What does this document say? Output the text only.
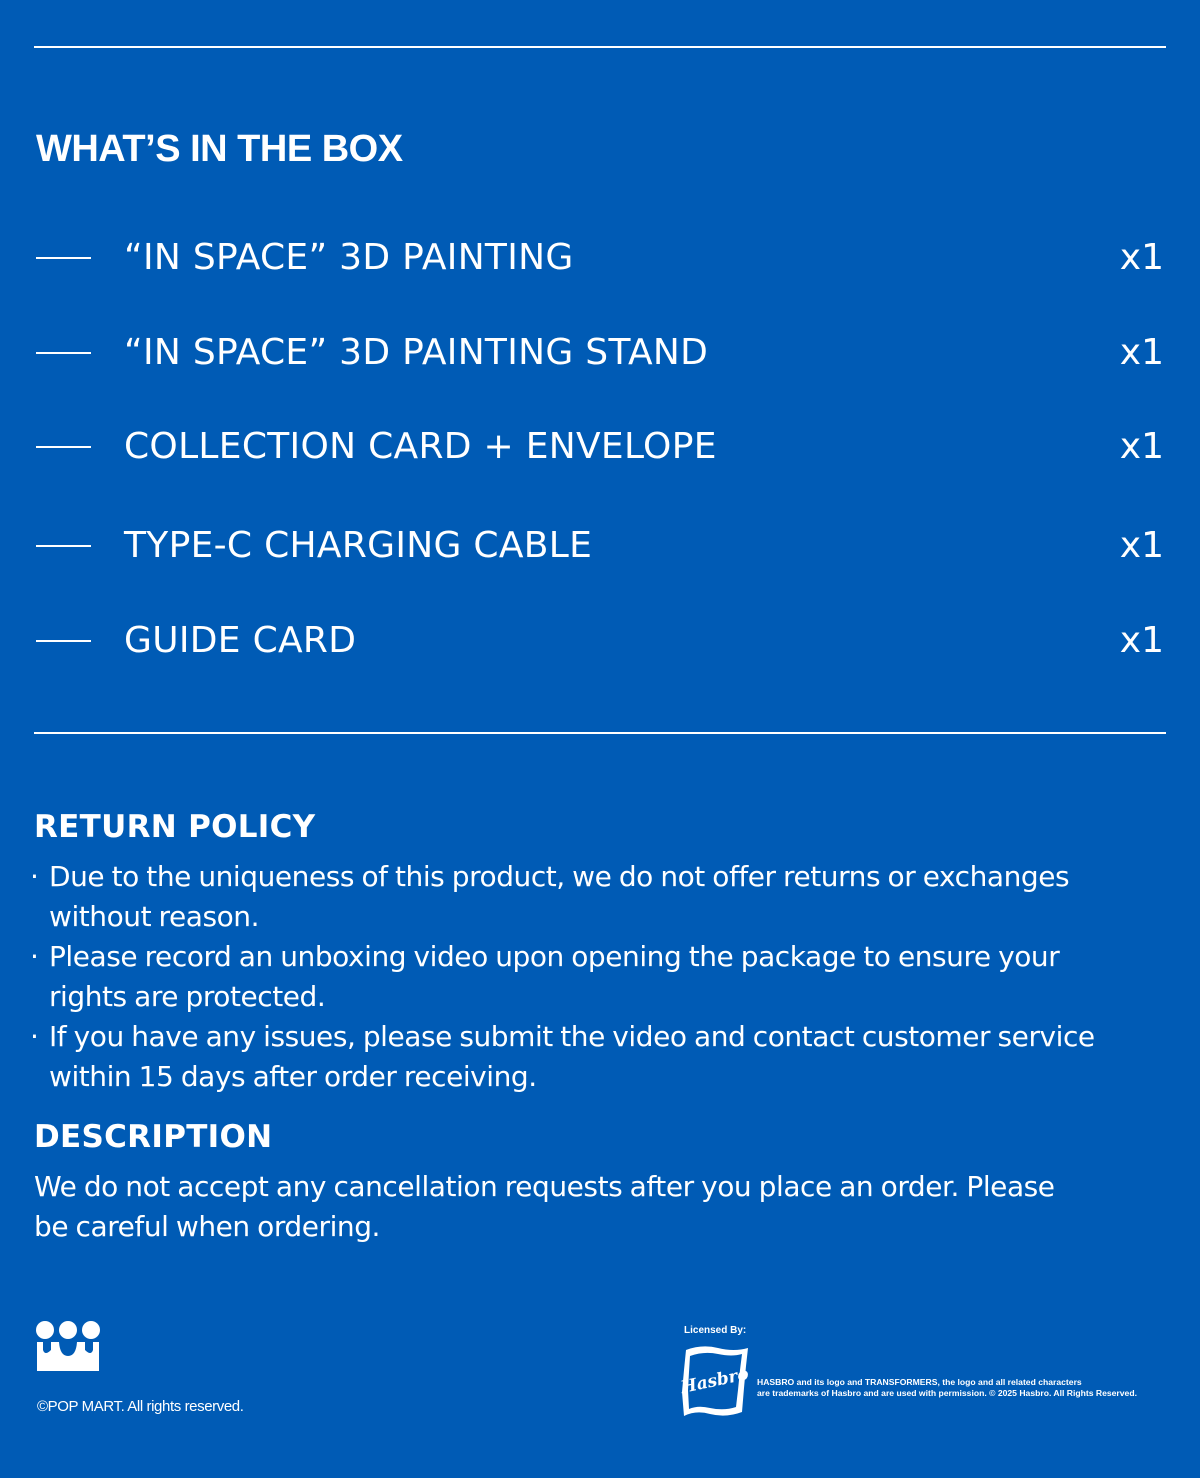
WHAT’S IN THE BOX
“IN SPACE” 3D PAINTING	x1
“IN SPACE” 3D PAINTING STAND	x1
COLLECTION CARD + ENVELOPE	x1
TYPE-C CHARGING CABLE	x1
GUIDE CARD	x1
RETURN POLICY
· Due to the uniqueness of this product, we do not offer returns or exchanges
without reason.
· Please record an unboxing video upon opening the package to ensure your
rights are protected.
· If you have any issues, please submit the video and contact customer service
within 15 days after order receiving.
DESCRIPTION
We do not accept any cancellation requests after you place an order. Please
be careful when ordering.
©POP MART. All rights reserved.
Licensed By:
Hasbro HASBRO and its logo and TRANSFORMERS, the logo and all related characters
are trademarks of Hasbro and are used with permission. © 2025 Hasbro. All Rights Reserved.
